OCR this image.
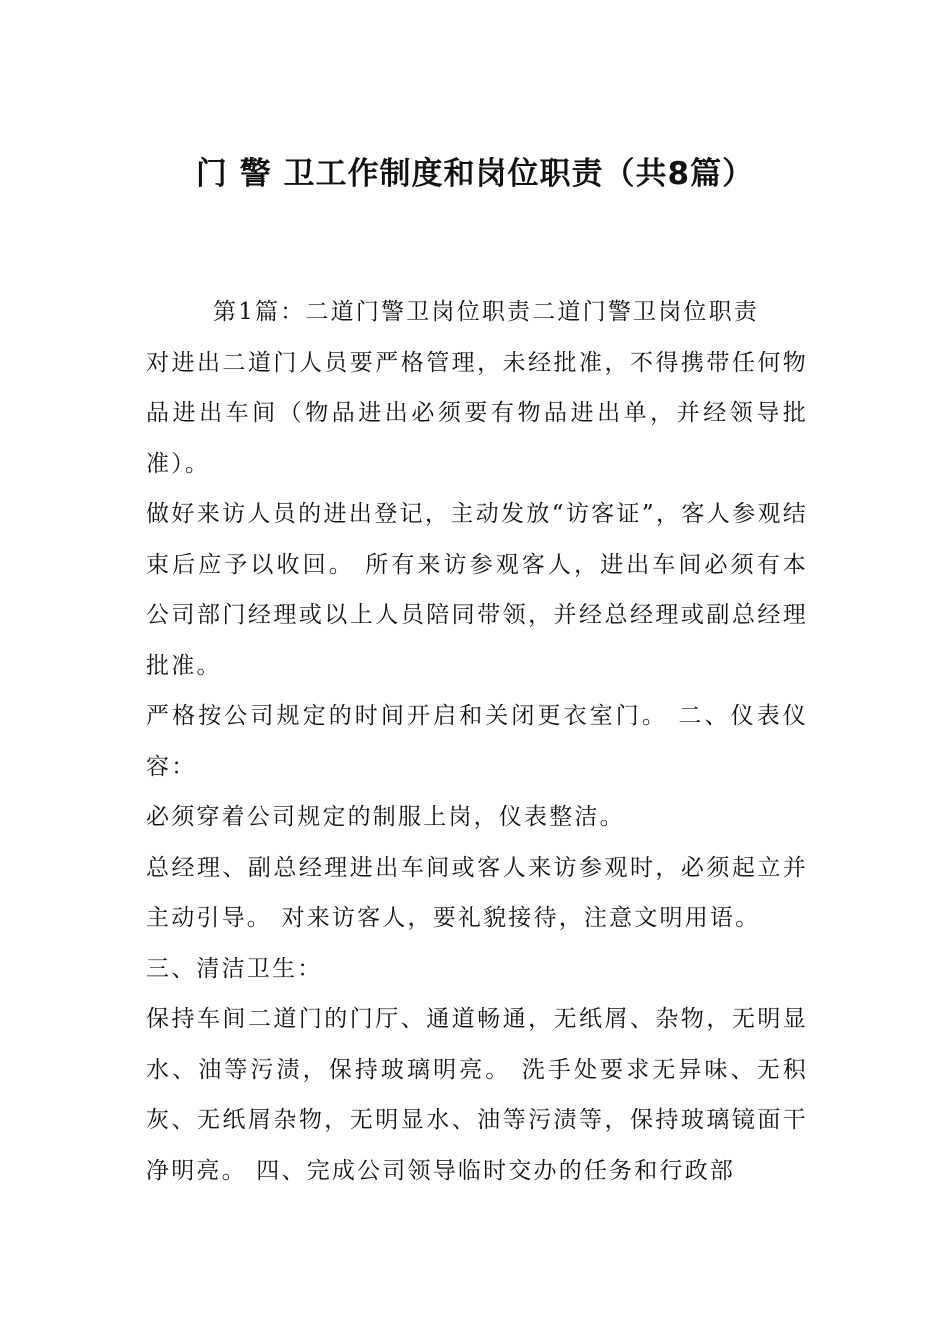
门 警 卫工作制度和岗位职责（共8篇）

第1篇：二道门警卫岗位职责二道门警卫岗位职责

对进出二道门人员要严格管理，未经批准，不得携带任何物品进出车间（物品进出必须要有物品进出单，并经领导批准）。

做好来访人员的进出登记，主动发放“访客证”，客人参观结束后应予以收回。 所有来访参观客人，进出车间必须有本公司部门经理或以上人员陪同带领，并经总经理或副总经理批准。

严格按公司规定的时间开启和关闭更衣室门。 二、仪表仪容：

必须穿着公司规定的制服上岗，仪表整洁。

总经理、副总经理进出车间或客人来访参观时，必须起立并主动引导。 对来访客人，要礼貌接待，注意文明用语。

三、清洁卫生：

保持车间二道门的门厅、通道畅通，无纸屑、杂物，无明显水、油等污渍，保持玻璃明亮。 洗手处要求无异味、无积灰、无纸屑杂物，无明显水、油等污渍等，保持玻璃镜面干净明亮。 四、完成公司领导临时交办的任务和行政部
